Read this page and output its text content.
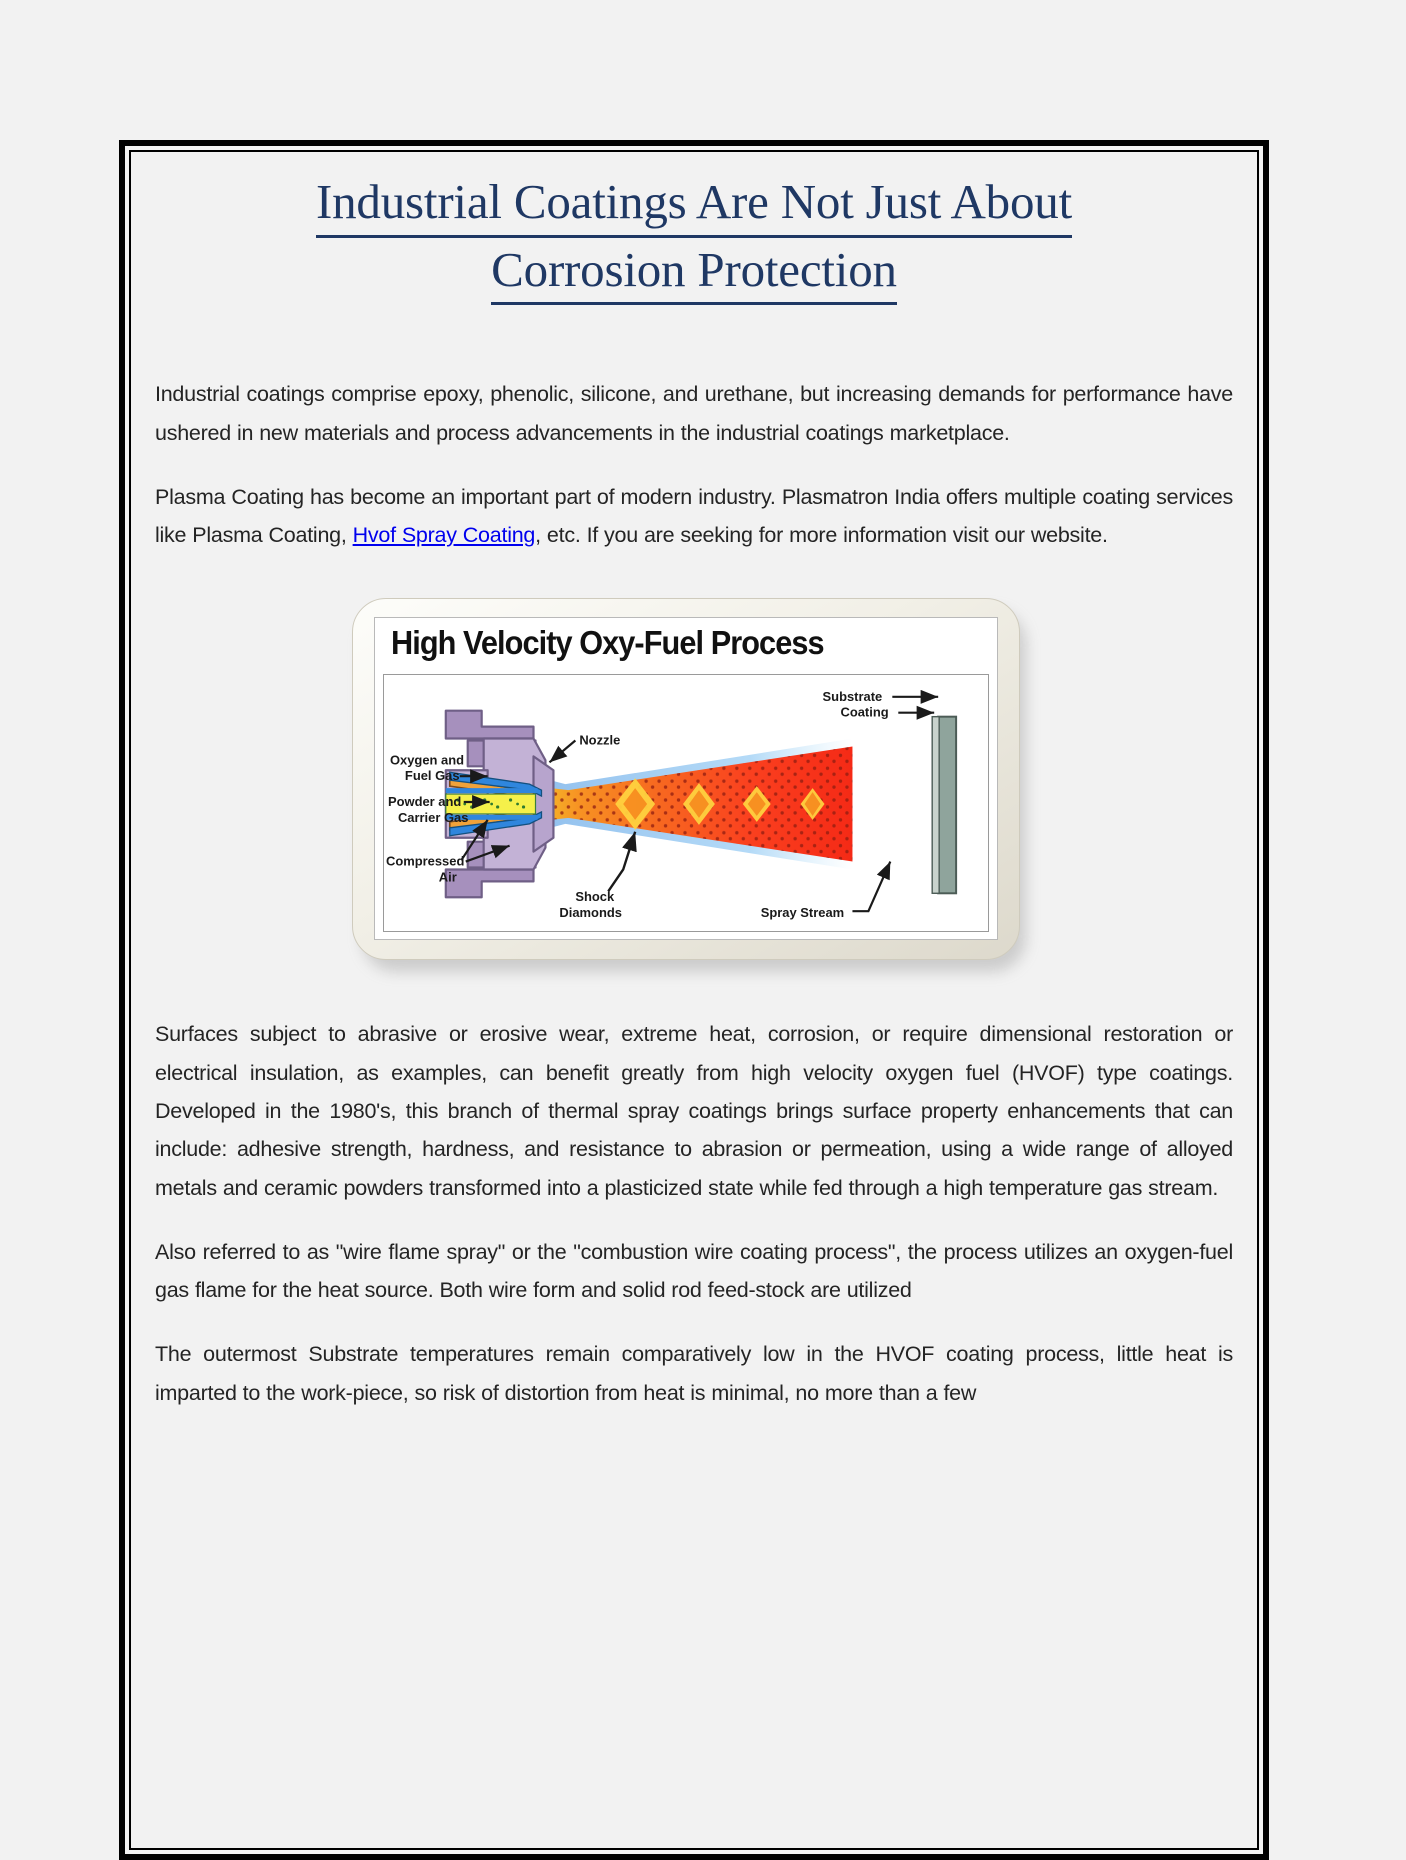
Industrial Coatings Are Not Just About
Corrosion Protection

Industrial coatings comprise epoxy, phenolic, silicone, and urethane, but increasing demands for performance have ushered in new materials and process advancements in the industrial coatings marketplace.

Plasma Coating has become an important part of modern industry. Plasmatron India offers multiple coating services like Plasma Coating, Hvof Spray Coating, etc. If you are seeking for more information visit our website.

High Velocity Oxy-Fuel Process
Oxygen and
Fuel Gas
Powder and
Carrier Gas
Compressed
Air
Nozzle
Shock
Diamonds	Spray Stream
Substrate
Coating

Surfaces subject to abrasive or erosive wear, extreme heat, corrosion, or require dimensional restoration or electrical insulation, as examples, can benefit greatly from high velocity oxygen fuel (HVOF) type coatings. Developed in the 1980's, this branch of thermal spray coatings brings surface property enhancements that can include: adhesive strength, hardness, and resistance to abrasion or permeation, using a wide range of alloyed metals and ceramic powders transformed into a plasticized state while fed through a high temperature gas stream.

Also referred to as "wire flame spray" or the "combustion wire coating process", the process utilizes an oxygen-fuel gas flame for the heat source. Both wire form and solid rod feed-stock are utilized

The outermost Substrate temperatures remain comparatively low in the HVOF coating process, little heat is imparted to the work-piece, so risk of distortion from heat is minimal, no more than a few
